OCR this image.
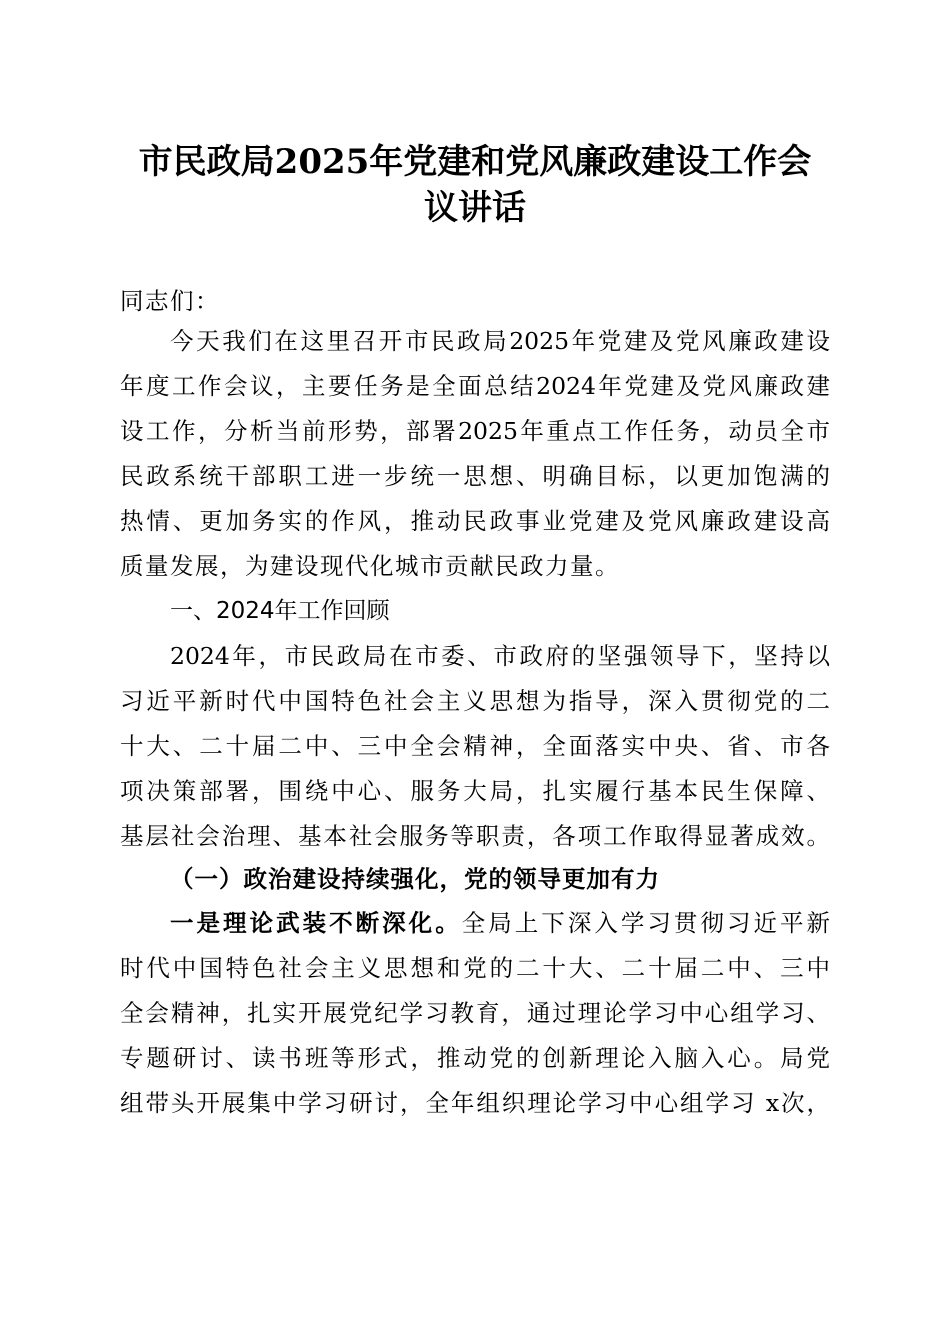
市民政局2025年党建和党风廉政建设工作会
议讲话
同志们：
今天我们在这里召开市民政局2025年党建及党风廉政建设
年度工作会议，主要任务是全面总结2024年党建及党风廉政建
设工作，分析当前形势，部署2025年重点工作任务，动员全市
民政系统干部职工进一步统一思想、明确目标，以更加饱满的
热情、更加务实的作风，推动民政事业党建及党风廉政建设高
质量发展，为建设现代化城市贡献民政力量。
一、2024年工作回顾
2024年，市民政局在市委、市政府的坚强领导下，坚持以
习近平新时代中国特色社会主义思想为指导，深入贯彻党的二
十大、二十届二中、三中全会精神，全面落实中央、省、市各
项决策部署，围绕中心、服务大局，扎实履行基本民生保障、
基层社会治理、基本社会服务等职责，各项工作取得显著成效。
（一）政治建设持续强化，党的领导更加有力
一是理论武装不断深化。全局上下深入学习贯彻习近平新
时代中国特色社会主义思想和党的二十大、二十届二中、三中
全会精神，扎实开展党纪学习教育，通过理论学习中心组学习、
专题研讨、读书班等形式，推动党的创新理论入脑入心。局党
组带头开展集中学习研讨，全年组织理论学习中心组学习 x次，
